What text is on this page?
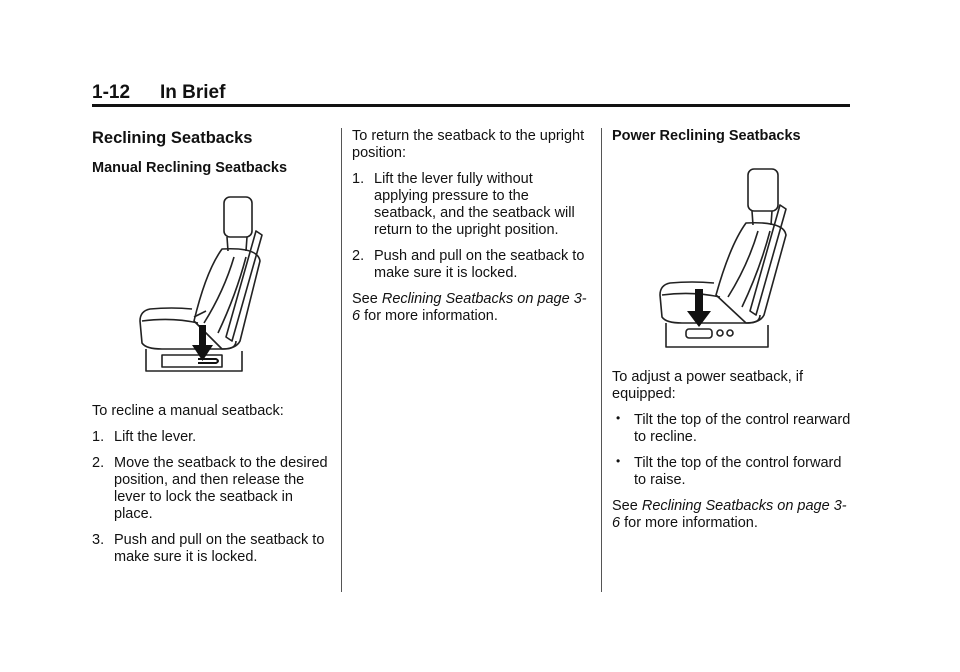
1-12 In Brief
Reclining Seatbacks
Manual Reclining Seatbacks

To recline a manual seatback:

1. Lift the lever.
2. Move the seatback to the desired position, and then release the lever to lock the seatback in place.
3. Push and pull on the seatback to make sure it is locked.

To return the seatback to the upright position:

1. Lift the lever fully without applying pressure to the seatback, and the seatback will return to the upright position.
2. Push and pull on the seatback to make sure it is locked.

See Reclining Seatbacks on page 3-6 for more information.

Power Reclining Seatbacks

To adjust a power seatback, if equipped:

• Tilt the top of the control rearward to recline.
• Tilt the top of the control forward to raise.

See Reclining Seatbacks on page 3-6 for more information.
